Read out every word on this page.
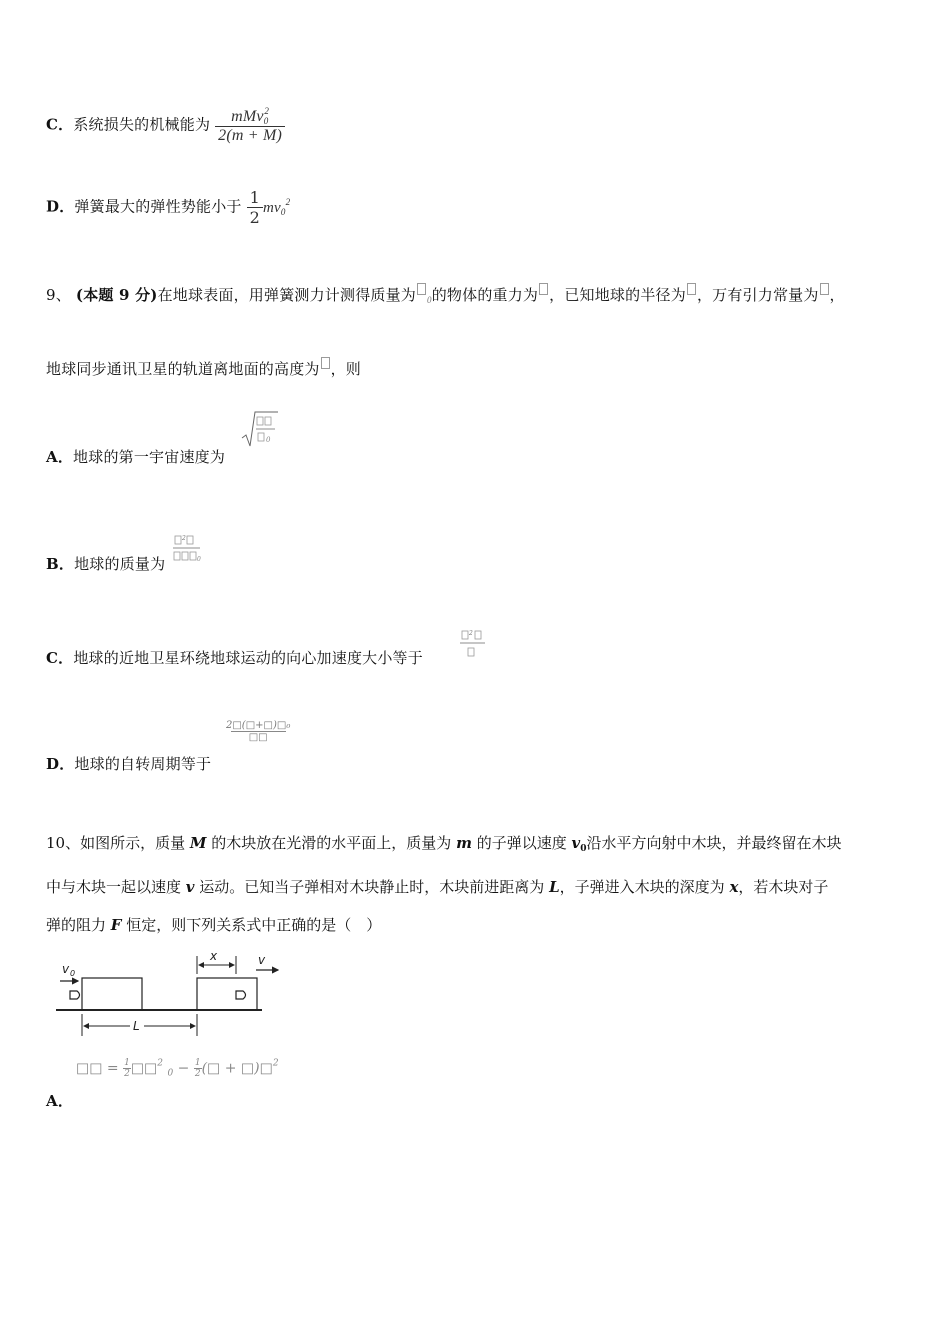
C．系统损失的机械能为 $\frac{mMv_0^2}{2(m + M)}$
D．弹簧最大的弹性势能小于 $\frac{1}{2} mv_0^2$
9、 (本题 9 分)在地球表面，用弹簧测力计测得质量为 $_0$的物体的重力为 ，已知地球的半径为 ，万有引力常量为 ，
地球同步通讯卫星的轨道离地面的高度为 ，则
A．地球的第一宇宙速度为
0
B．地球的质量为
2
0
C．地球的近地卫星环绕地球运动的向心加速度大小等于
2
D．地球的自转周期等于
2□(□+□)□₀
□□
10、如图所示，质量 M 的木块放在光滑的水平面上，质量为 m 的子弹以速度 $v_0$沿水平方向射中木块，并最终留在木块
中与木块一起以速度 v 运动。已知当子弹相对木块静止时，木块前进距离为 L，子弹进入木块的深度为 x，若木块对子
弹的阻力 F 恒定，则下列关系式中正确的是（　）
v 0
x	v
L
□□ = $\frac{1}{2}$ □□$^2$ $_0 - \frac{1}{2}$ (□ + □)□$^2$
A．
